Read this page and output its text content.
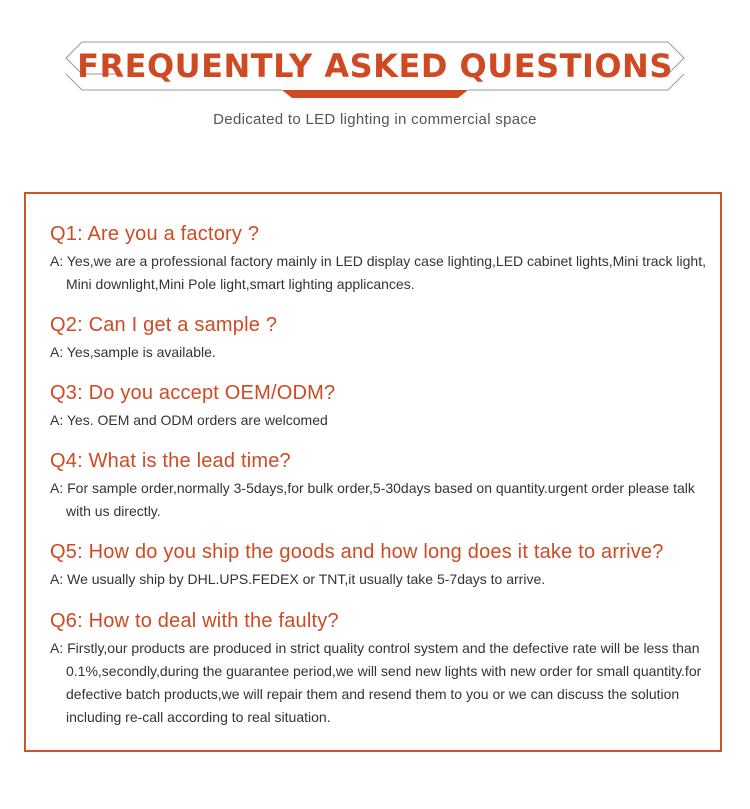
FREQUENTLY ASKED QUESTIONS

Dedicated to LED lighting in commercial space

Q1: Are you a factory ?

A: Yes,we are a professional factory mainly in LED display case lighting,LED cabinet lights,Mini track light, Mini downlight,Mini Pole light,smart lighting applicances.

Q2: Can I get a sample ?

A: Yes,sample is available.

Q3: Do you accept OEM/ODM?

A: Yes. OEM and ODM orders are welcomed

Q4: What is the lead time?

A: For sample order,normally 3-5days,for bulk order,5-30days based on quantity.urgent order please talk with us directly.

Q5: How do you ship the goods and how long does it take to arrive?

A: We usually ship by DHL.UPS.FEDEX or TNT,it usually take 5-7days to arrive.

Q6: How to deal with the faulty?

A: Firstly,our products are produced in strict quality control system and the defective rate will be less than 0.1%,secondly,during the guarantee period,we will send new lights with new order for small quantity.for defective batch products,we will repair them and resend them to you or we can discuss the solution including re-call according to real situation.
